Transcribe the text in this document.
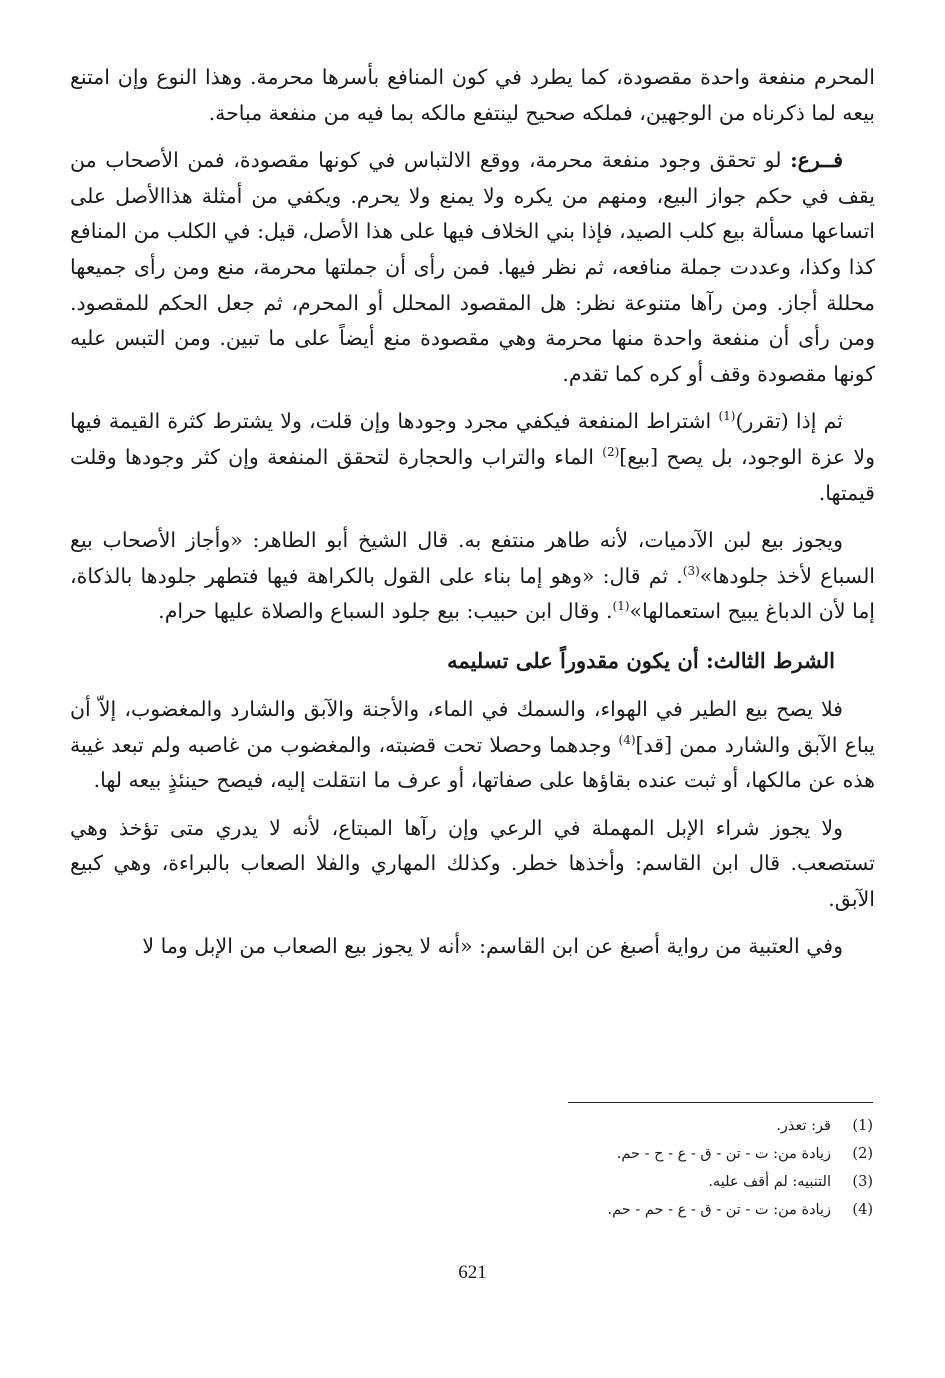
المحرم منفعة واحدة مقصودة، كما يطرد في كون المنافع بأسرها محرمة. وهذا النوع وإن امتنع بيعه لما ذكرناه من الوجهين، فملكه صحيح لينتفع مالكه بما فيه من منفعة مباحة.

فــرع: لو تحقق وجود منفعة محرمة، ووقع الالتباس في كونها مقصودة، فمن الأصحاب من يقف في حكم جواز البيع، ومنهم من يكره ولا يمنع ولا يحرم. ويكفي من أمثلة هذاالأصل على اتساعها مسألة بيع كلب الصيد، فإذا بني الخلاف فيها على هذا الأصل، قيل: في الكلب من المنافع كذا وكذا، وعددت جملة منافعه، ثم نظر فيها. فمن رأى أن جملتها محرمة، منع ومن رأى جميعها محللة أجاز. ومن رآها متنوعة نظر: هل المقصود المحلل أو المحرم، ثم جعل الحكم للمقصود. ومن رأى أن منفعة واحدة منها محرمة وهي مقصودة منع أيضاً على ما تبين. ومن التبس عليه كونها مقصودة وقف أو كره كما تقدم.

ثم إذا (تقرر)$^{(1)}$ اشتراط المنفعة فيكفي مجرد وجودها وإن قلت، ولا يشترط كثرة القيمة فيها ولا عزة الوجود، بل يصح [بيع]$^{(2)}$ الماء والتراب والحجارة لتحقق المنفعة وإن كثر وجودها وقلت قيمتها.

ويجوز بيع لبن الآدميات، لأنه طاهر منتفع به. قال الشيخ أبو الطاهر: «وأجاز الأصحاب بيع السباع لأخذ جلودها»$^{(3)}$. ثم قال: «وهو إما بناء على القول بالكراهة فيها فتطهر جلودها بالذكاة، إما لأن الدباغ يبيح استعمالها»$^{(1)}$. وقال ابن حبيب: بيع جلود السباع والصلاة عليها حرام.

الشرط الثالث: أن يكون مقدوراً على تسليمه

فلا يصح بيع الطير في الهواء، والسمك في الماء، والأجنة والآبق والشارد والمغضوب، إلاّ أن يباع الآبق والشارد ممن [قد]$^{(4)}$ وجدهما وحصلا تحت قضبته، والمغضوب من غاصبه ولم تبعد غيبة هذه عن مالكها، أو ثبت عنده بقاؤها على صفاتها، أو عرف ما انتقلت إليه، فيصح حينئذٍ بيعه لها.

ولا يجوز شراء الإبل المهملة في الرعي وإن رآها المبتاع، لأنه لا يدري متى تؤخذ وهي تستصعب. قال ابن القاسم: وأخذها خطر. وكذلك المهاري والفلا الصعاب بالبراءة، وهي كبيع الآبق.

وفي العتبية من رواية أصبغ عن ابن القاسم: «أنه لا يجوز بيع الصعاب من الإبل وما لا

(1)
قر: تعذر.
(2)
زيادة من: ت - تن - ق - ع - ح - حم.
(3)
التنبيه: لم أقف عليه.
(4)
زيادة من: ت - تن - ق - ع - حم - حم.
621
